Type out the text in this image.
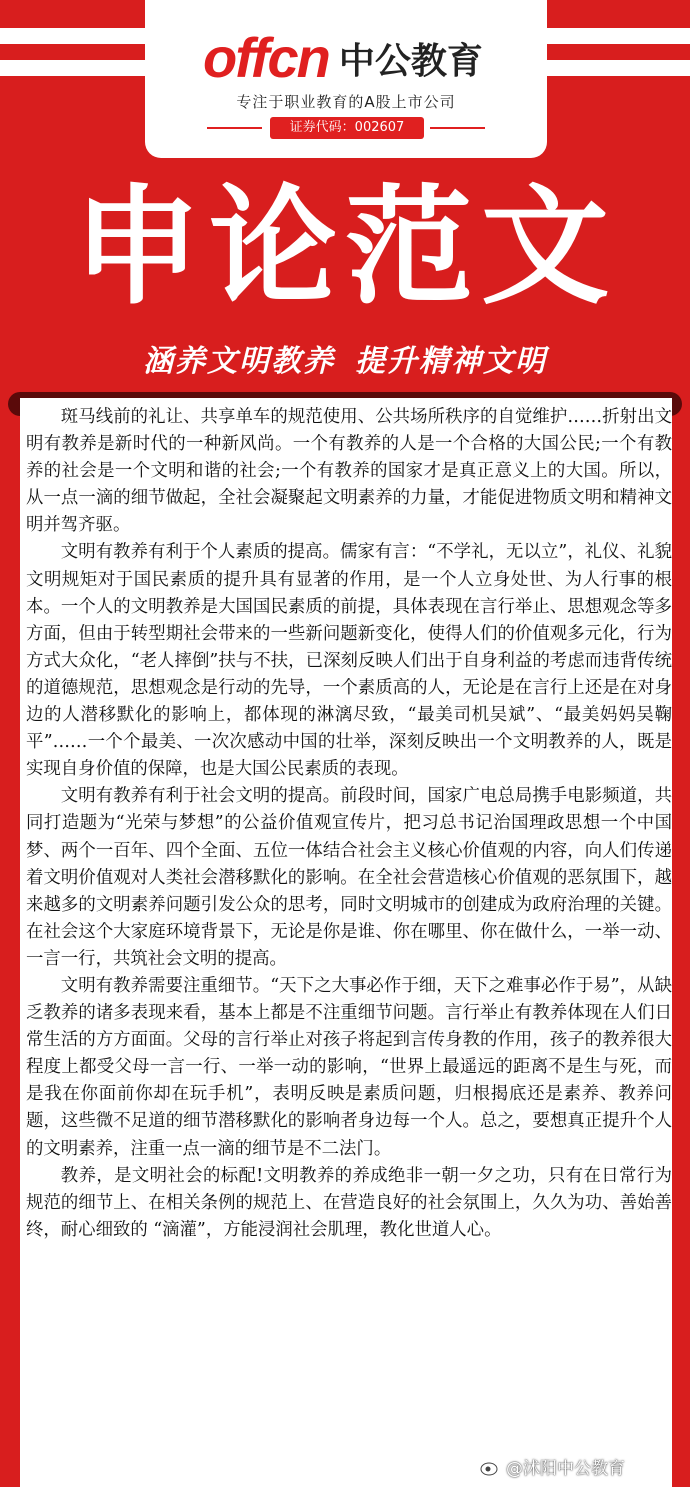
offcn 中公教育
专注于职业教育的A股上市公司
证券代码：002607
申论范文
涵养文明教养 提升精神文明

斑马线前的礼让、共享单车的规范使用、公共场所秩序的自觉维护……折射出文明有教养是新时代的一种新风尚。一个有教养的人是一个合格的大国公民;一个有教养的社会是一个文明和谐的社会;一个有教养的国家才是真正意义上的大国。所以，从一点一滴的细节做起，全社会凝聚起文明素养的力量，才能促进物质文明和精神文明并驾齐驱。

文明有教养有利于个人素质的提高。儒家有言：“不学礼，无以立”，礼仪、礼貌文明规矩对于国民素质的提升具有显著的作用，是一个人立身处世、为人行事的根本。一个人的文明教养是大国国民素质的前提，具体表现在言行举止、思想观念等多方面，但由于转型期社会带来的一些新问题新变化，使得人们的价值观多元化，行为方式大众化，“老人摔倒”扶与不扶，已深刻反映人们出于自身利益的考虑而违背传统的道德规范，思想观念是行动的先导，一个素质高的人，无论是在言行上还是在对身边的人潜移默化的影响上，都体现的淋漓尽致，“最美司机吴斌”、“最美妈妈吴鞠平”……一个个最美、一次次感动中国的壮举，深刻反映出一个文明教养的人，既是实现自身价值的保障，也是大国公民素质的表现。

文明有教养有利于社会文明的提高。前段时间，国家广电总局携手电影频道，共同打造题为“光荣与梦想”的公益价值观宣传片，把习总书记治国理政思想一个中国梦、两个一百年、四个全面、五位一体结合社会主义核心价值观的内容，向人们传递着文明价值观对人类社会潜移默化的影响。在全社会营造核心价值观的恶氛围下，越来越多的文明素养问题引发公众的思考，同时文明城市的创建成为政府治理的关键。在社会这个大家庭环境背景下，无论是你是谁、你在哪里、你在做什么，一举一动、一言一行，共筑社会文明的提高。

文明有教养需要注重细节。“天下之大事必作于细，天下之难事必作于易”，从缺乏教养的诸多表现来看，基本上都是不注重细节问题。言行举止有教养体现在人们日常生活的方方面面。父母的言行举止对孩子将起到言传身教的作用，孩子的教养很大程度上都受父母一言一行、一举一动的影响，“世界上最遥远的距离不是生与死，而是我在你面前你却在玩手机”，表明反映是素质问题，归根揭底还是素养、教养问题，这些微不足道的细节潜移默化的影响者身边每一个人。总之，要想真正提升个人的文明素养，注重一点一滴的细节是不二法门。

教养，是文明社会的标配!文明教养的养成绝非一朝一夕之功，只有在日常行为规范的细节上、在相关条例的规范上、在营造良好的社会氛围上，久久为功、善始善终，耐心细致的 “滴灌”，方能浸润社会肌理，教化世道人心。

@沭阳中公教育
